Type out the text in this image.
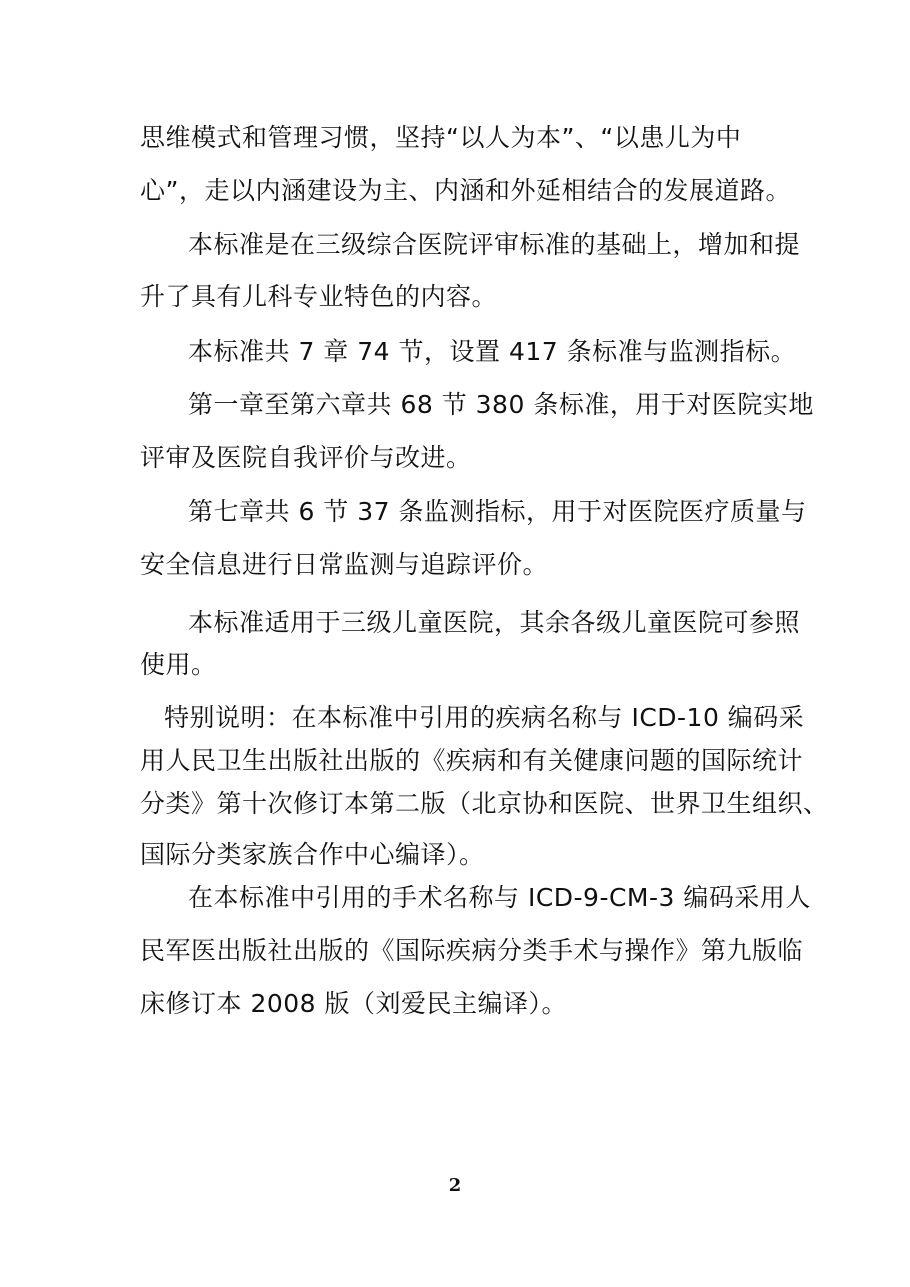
思维模式和管理习惯，坚持“以人为本”、“以患儿为中
心”，走以内涵建设为主、内涵和外延相结合的发展道路。
本标准是在三级综合医院评审标准的基础上，增加和提
升了具有儿科专业特色的内容。
本标准共 7 章 74 节，设置 417 条标准与监测指标。
第一章至第六章共 68 节 380 条标准，用于对医院实地
评审及医院自我评价与改进。
第七章共 6 节 37 条监测指标，用于对医院医疗质量与
安全信息进行日常监测与追踪评价。
本标准适用于三级儿童医院，其余各级儿童医院可参照
使用。
特别说明：在本标准中引用的疾病名称与 ICD-10 编码采
用人民卫生出版社出版的《疾病和有关健康问题的国际统计
分类》第十次修订本第二版（北京协和医院、世界卫生组织、
国际分类家族合作中心编译）。
在本标准中引用的手术名称与 ICD-9-CM-3 编码采用人
民军医出版社出版的《国际疾病分类手术与操作》第九版临
床修订本 2008 版（刘爱民主编译）。
2
